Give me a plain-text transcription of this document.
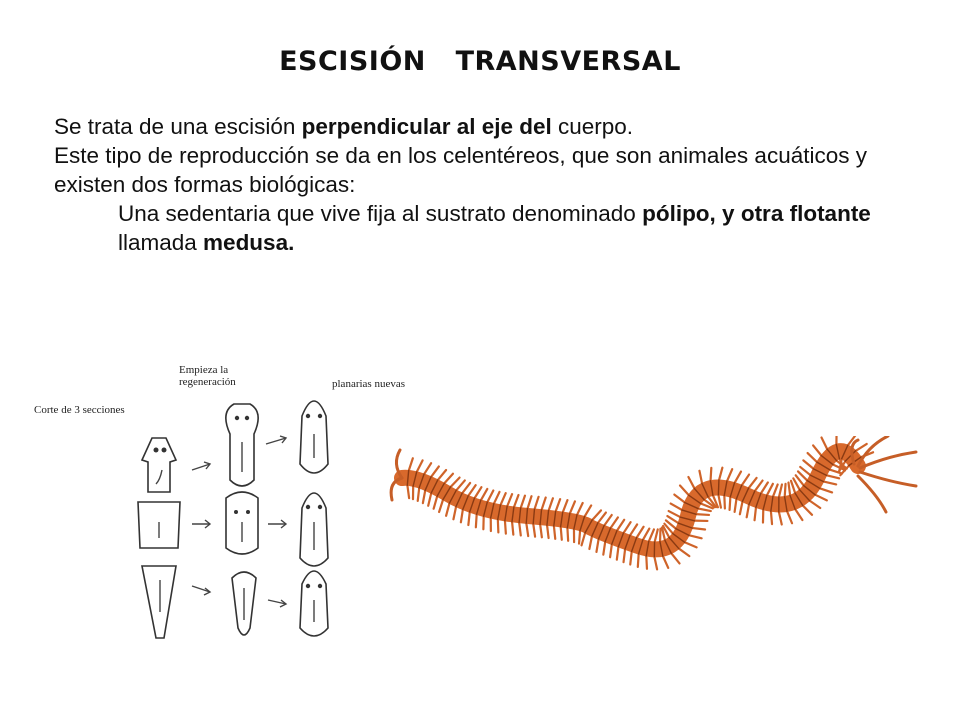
ESCISIÓN   TRANSVERSAL

Se trata de una escisión perpendicular al eje del cuerpo.

Este tipo de reproducción se da en los celentéreos, que son animales acuáticos y existen dos formas biológicas:

Una sedentaria que vive fija al sustrato denominado pólipo, y otra flotante llamada medusa.

Corte de 3 secciones
Empieza la
regeneración	planarias nuevas
